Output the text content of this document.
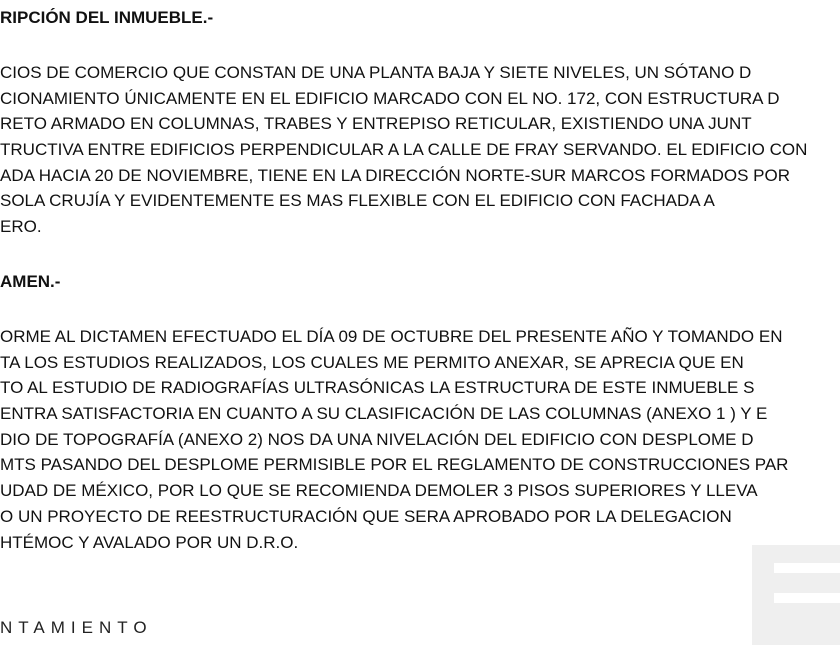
RIPCIÓN DEL INMUEBLE.-
CIOS DE COMERCIO QUE CONSTAN DE UNA PLANTA BAJA Y SIETE NIVELES, UN SÓTANO D
CIONAMIENTO ÚNICAMENTE EN EL EDIFICIO MARCADO CON EL NO. 172, CON ESTRUCTURA D
RETO ARMADO EN COLUMNAS, TRABES Y ENTREPISO RETICULAR, EXISTIENDO UNA JUNT
TRUCTIVA ENTRE EDIFICIOS PERPENDICULAR A LA CALLE DE FRAY SERVANDO. EL EDIFICIO CON
ADA HACIA 20 DE NOVIEMBRE, TIENE EN LA DIRECCIÓN NORTE-SUR MARCOS FORMADOS POR
SOLA CRUJÍA Y EVIDENTEMENTE ES MAS FLEXIBLE CON EL EDIFICIO CON FACHADA A
ERO.
AMEN.-
ORME AL DICTAMEN EFECTUADO EL DÍA 09 DE OCTUBRE DEL PRESENTE AÑO Y TOMANDO EN
TA LOS ESTUDIOS REALIZADOS, LOS CUALES ME PERMITO ANEXAR, SE APRECIA QUE EN
TO AL ESTUDIO DE RADIOGRAFÍAS ULTRASÓNICAS LA ESTRUCTURA DE ESTE INMUEBLE S
ENTRA SATISFACTORIA EN CUANTO A SU CLASIFICACIÓN DE LAS COLUMNAS (ANEXO 1 ) Y E
DIO DE TOPOGRAFÍA (ANEXO 2) NOS DA UNA NIVELACIÓN DEL EDIFICIO CON DESPLOME D
MTS PASANDO DEL DESPLOME PERMISIBLE POR EL REGLAMENTO DE CONSTRUCCIONES PAR
UDAD DE MÉXICO, POR LO QUE SE RECOMIENDA DEMOLER 3 PISOS SUPERIORES Y LLEVA
O UN PROYECTO DE REESTRUCTURACIÓN QUE SERA APROBADO POR LA DELEGACION
HTÉMOC Y AVALADO POR UN D.R.O.
NTAMIENTO
